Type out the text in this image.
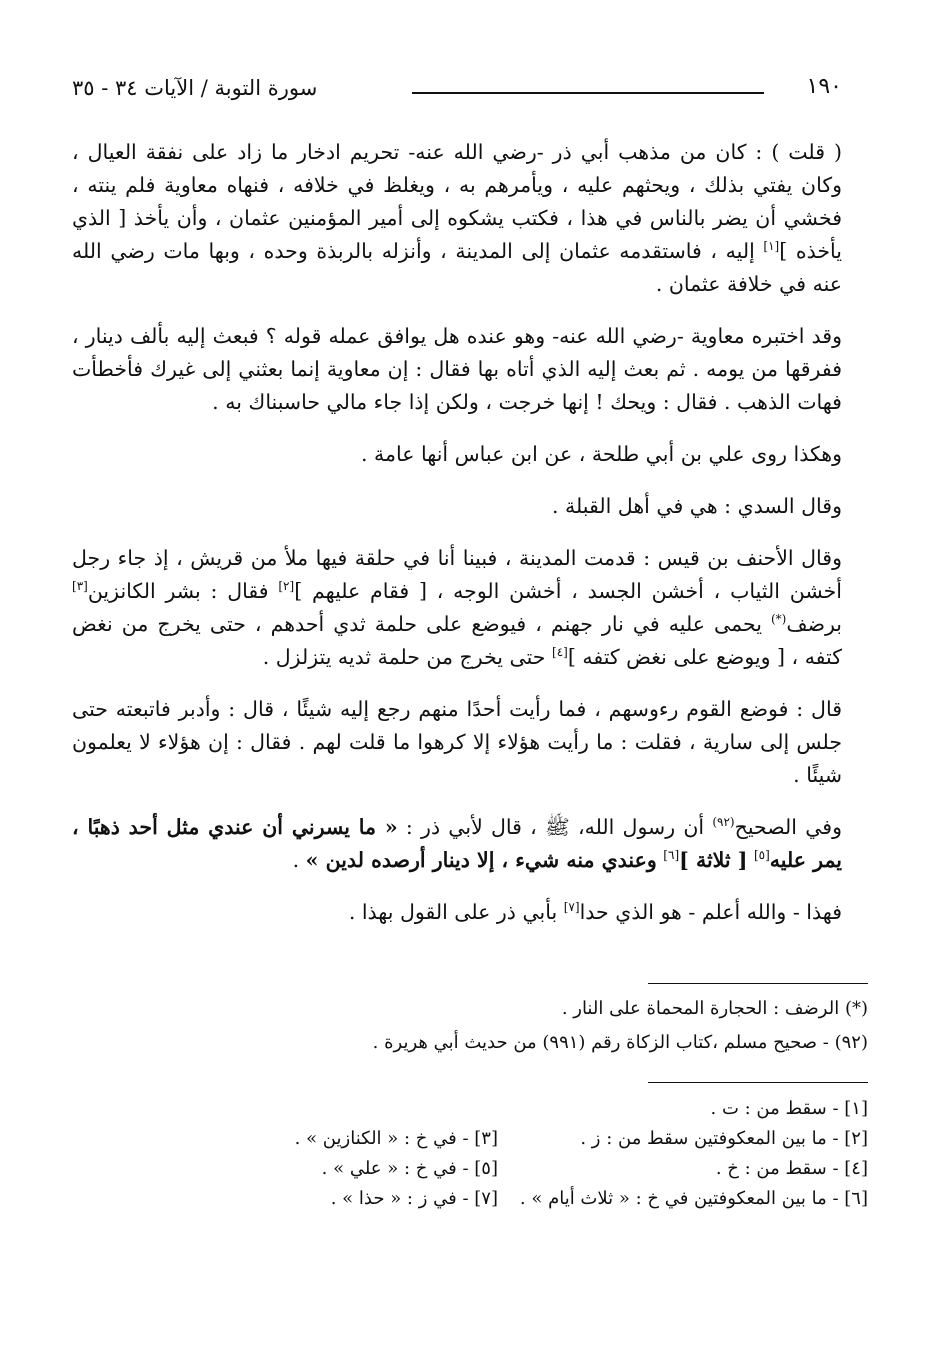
١٩٠
سورة التوبة / الآيات ٣٤ - ٣٥

( قلت ) : كان من مذهب أبي ذر -رضي الله عنه- تحريم ادخار ما زاد على نفقة العيال ، وكان يفتي بذلك ، ويحثهم عليه ، ويأمرهم به ، ويغلظ في خلافه ، فنهاه معاوية فلم ينته ، فخشي أن يضر بالناس في هذا ، فكتب يشكوه إلى أمير المؤمنين عثمان ، وأن يأخذ [ الذي يأخذه ][١] إليه ، فاستقدمه عثمان إلى المدينة ، وأنزله بالربذة وحده ، وبها مات رضي الله عنه في خلافة عثمان .

وقد اختبره معاوية -رضي الله عنه- وهو عنده هل يوافق عمله قوله ؟ فبعث إليه بألف دينار ، ففرقها من يومه . ثم بعث إليه الذي أتاه بها فقال : إن معاوية إنما بعثني إلى غيرك فأخطأت فهات الذهب . فقال : ويحك ! إنها خرجت ، ولكن إذا جاء مالي حاسبناك به .

وهكذا روى علي بن أبي طلحة ، عن ابن عباس أنها عامة .

وقال السدي : هي في أهل القبلة .

وقال الأحنف بن قيس : قدمت المدينة ، فبينا أنا في حلقة فيها ملأ من قريش ، إذ جاء رجل أخشن الثياب ، أخشن الجسد ، أخشن الوجه ، [ فقام عليهم ][٢] فقال : بشر الكانزين[٣] برضف(*) يحمى عليه في نار جهنم ، فيوضع على حلمة ثدي أحدهم ، حتى يخرج من نغض كتفه ، [ ويوضع على نغض كتفه ][٤] حتى يخرج من حلمة ثديه يتزلزل .

قال : فوضع القوم رءوسهم ، فما رأيت أحدًا منهم رجع إليه شيئًا ، قال : وأدبر فاتبعته حتى جلس إلى سارية ، فقلت : ما رأيت هؤلاء إلا كرهوا ما قلت لهم . فقال : إن هؤلاء لا يعلمون شيئًا .

وفي الصحيح$^{(٩٢)}$ أن رسول الله، ﷺ ، قال لأبي ذر : « ما يسرني أن عندي مثل أحد ذهبًا ، يمر عليه[٥] [ ثلاثة ][٦] وعندي منه شيء ، إلا دينار أرصده لدين » .

فهذا - والله أعلم - هو الذي حدا[٧] بأبي ذر على القول بهذا .

(*) الرضف : الحجارة المحماة على النار .

(٩٢) - صحيح مسلم ،كتاب الزكاة رقم (٩٩١) من حديث أبي هريرة .

[١] - سقط من : ت .
[٢] - ما بين المعكوفتين سقط من : ز .
[٣] - في خ : « الكنازين » .
[٤] - سقط من : خ .
[٥] - في خ : « علي » .
[٦] - ما بين المعكوفتين في خ : « ثلاث أيام » .
[٧] - في ز : « حذا » .
